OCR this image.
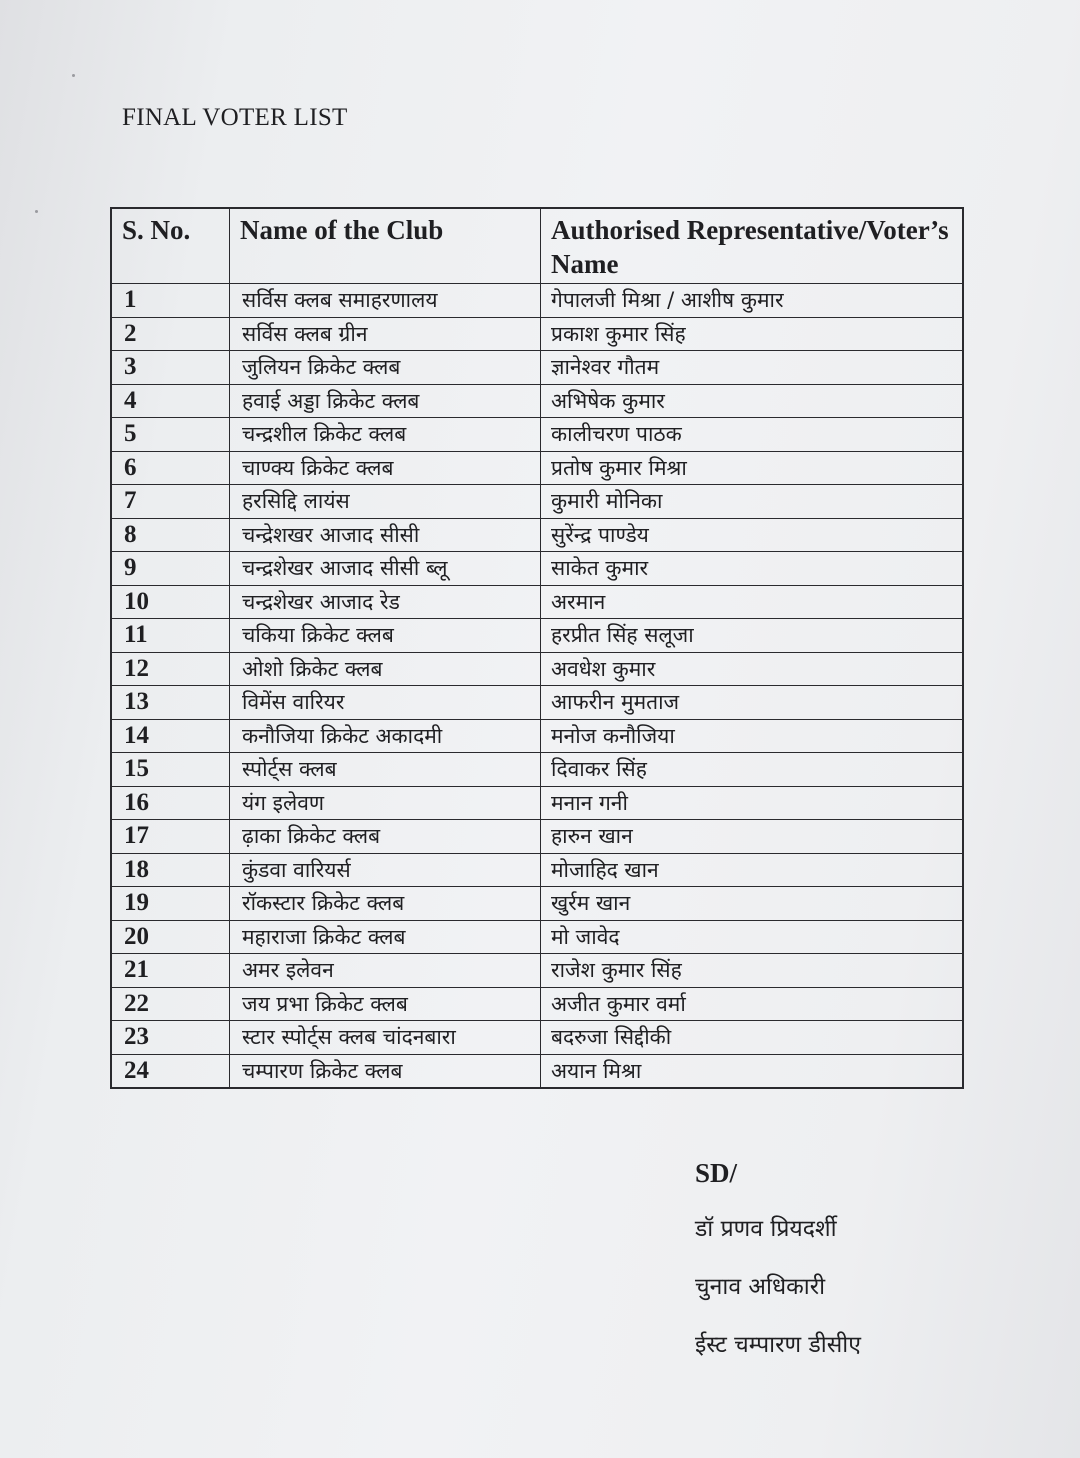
FINAL VOTER LIST
S. No.	Name of the Club	Authorised Representative/Voter’s Name
1	सर्विस क्लब समाहरणालय	गेपालजी मिश्रा / आशीष कुमार
2	सर्विस क्लब ग्रीन	प्रकाश कुमार सिंह
3	जुलियन क्रिकेट क्लब	ज्ञानेश्वर गौतम
4	हवाई अड्डा क्रिकेट क्लब	अभिषेक कुमार
5	चन्द्रशील क्रिकेट क्लब	कालीचरण पाठक
6	चाण्क्य क्रिकेट क्लब	प्रतोष कुमार मिश्रा
7	हरसिद्दि लायंस	कुमारी मोनिका
8	चन्द्रेशखर आजाद सीसी	सुरेंन्द्र पाण्डेय
9	चन्द्रशेखर आजाद सीसी ब्लू	साकेत कुमार
10	चन्द्रशेखर आजाद रेड	अरमान
11	चकिया क्रिकेट क्लब	हरप्रीत सिंह सलूजा
12	ओशो क्रिकेट क्लब	अवधेश कुमार
13	विमेंस वारियर	आफरीन मुमताज
14	कनौजिया क्रिकेट अकादमी	मनोज कनौजिया
15	स्पोर्ट्स क्लब	दिवाकर सिंह
16	यंग इलेवण	मनान गनी
17	ढ़ाका क्रिकेट क्लब	हारुन खान
18	कुंडवा वारियर्स	मोजाहिद खान
19	रॉकस्टार क्रिकेट क्लब	खुर्रम खान
20	महाराजा क्रिकेट क्लब	मो जावेद
21	अमर इलेवन	राजेश कुमार सिंह
22	जय प्रभा क्रिकेट क्लब	अजीत कुमार वर्मा
23	स्टार स्पोर्ट्स क्लब चांदनबारा	बदरुजा सिद्दीकी
24	चम्पारण क्रिकेट क्लब	अयान मिश्रा
SD/
डॉ प्रणव प्रियदर्शी
चुनाव अधिकारी
ईस्ट चम्पारण डीसीए
